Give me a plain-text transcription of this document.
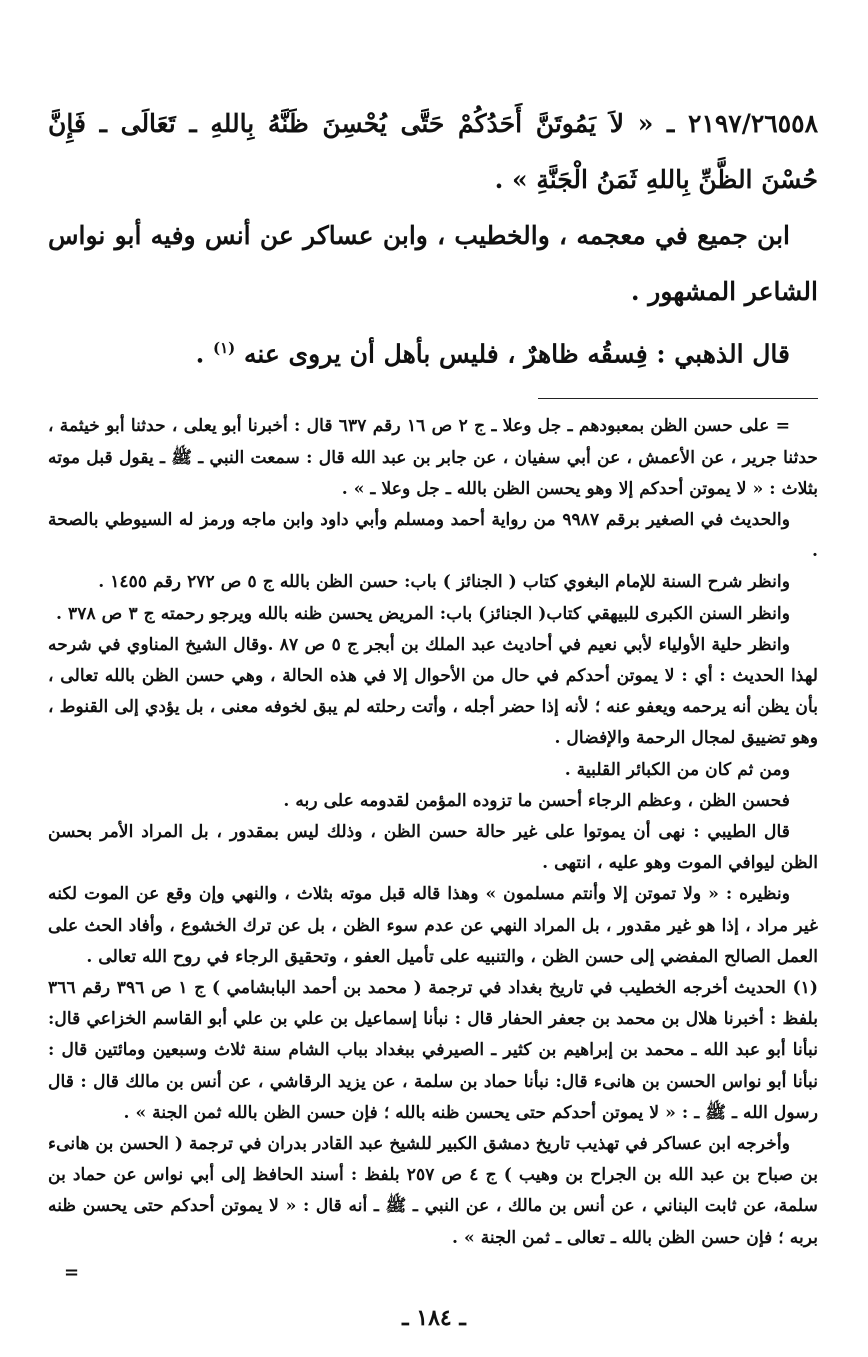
٢١٩٧/٢٦٥٥٨ ـ « لاَ يَمُوتَنَّ أَحَدُكُمْ حَتَّى يُحْسِنَ ظَنَّهُ بِاللهِ ـ تَعَالَى ـ فَإِنَّ حُسْنَ الظَّنِّ بِاللهِ ثَمَنُ الْجَنَّةِ » .

ابن جميع في معجمه ، والخطيب ، وابن عساكر عن أنس وفيه أبو نواس الشاعر المشهور .

قال الذهبي : فِسقُه ظاهرٌ ، فليس بأهل أن يروى عنه $^{(١)}$ .

= على حسن الظن بمعبودهم ـ جل وعلا ـ ج ٢ ص ١٦ رقم ٦٣٧ قال : أخبرنا أبو يعلى ، حدثنا أبو خيثمة ، حدثنا جرير ، عن الأعمش ، عن أبي سفيان ، عن جابر بن عبد الله قال : سمعت النبي ـ ﷺ ـ يقول قبل موته بثلاث : « لا يموتن أحدكم إلا وهو يحسن الظن بالله ـ جل وعلا ـ » .

والحديث في الصغير برقم ٩٩٨٧ من رواية أحمد ومسلم وأبي داود وابن ماجه ورمز له السيوطي بالصحة .

وانظر شرح السنة للإمام البغوي كتاب ( الجنائز ) باب: حسن الظن بالله ج ٥ ص ٢٧٢ رقم ١٤٥٥ .

وانظر السنن الكبرى للبيهقي كتاب( الجنائز) باب: المريض يحسن ظنه بالله ويرجو رحمته ج ٣ ص ٣٧٨ .

وانظر حلية الأولياء لأبي نعيم في أحاديث عبد الملك بن أبجر ج ٥ ص ٨٧ .وقال الشيخ المناوي في شرحه لهذا الحديث : أي : لا يموتن أحدكم في حال من الأحوال إلا في هذه الحالة ، وهي حسن الظن بالله تعالى ، بأن يظن أنه يرحمه ويعفو عنه ؛ لأنه إذا حضر أجله ، وأتت رحلته لم يبق لخوفه معنى ، بل يؤدي إلى القنوط ، وهو تضييق لمجال الرحمة والإفضال .

ومن ثم كان من الكبائر القلبية .

فحسن الظن ، وعظم الرجاء أحسن ما تزوده المؤمن لقدومه على ربه .

قال الطيبي : نهى أن يموتوا على غير حالة حسن الظن ، وذلك ليس بمقدور ، بل المراد الأمر بحسن الظن ليوافي الموت وهو عليه ، انتهى .

ونظيره : « ولا تموتن إلا وأنتم مسلمون » وهذا قاله قبل موته بثلاث ، والنهي وإن وقع عن الموت لكنه غير مراد ، إذا هو غير مقدور ، بل المراد النهي عن عدم سوء الظن ، بل عن ترك الخشوع ، وأفاد الحث على العمل الصالح المفضي إلى حسن الظن ، والتنبيه على تأميل العفو ، وتحقيق الرجاء في روح الله تعالى .

(١) الحديث أخرجه الخطيب في تاريخ بغداد في ترجمة ( محمد بن أحمد البابشامي ) ج ١ ص ٣٩٦ رقم ٣٦٦ بلفظ : أخبرنا هلال بن محمد بن جعفر الحفار قال : نبأنا إسماعيل بن علي بن علي أبو القاسم الخزاعي قال: نبأنا أبو عبد الله ـ محمد بن إبراهيم بن كثير ـ الصيرفي ببغداد بباب الشام سنة ثلاث وسبعين ومائتين قال : نبأنا أبو نواس الحسن بن هانىء قال: نبأنا حماد بن سلمة ، عن يزيد الرقاشي ، عن أنس بن مالك قال : قال رسول الله ـ ﷺ ـ : « لا يموتن أحدكم حتى يحسن ظنه بالله ؛ فإن حسن الظن بالله ثمن الجنة » .

وأخرجه ابن عساكر في تهذيب تاريخ دمشق الكبير للشيخ عبد القادر بدران في ترجمة ( الحسن بن هانىء بن صباح بن عبد الله بن الجراح بن وهيب ) ج ٤ ص ٢٥٧ بلفظ : أسند الحافظ إلى أبي نواس عن حماد بن سلمة، عن ثابت البناني ، عن أنس بن مالك ، عن النبي ـ ﷺ ـ أنه قال : « لا يموتن أحدكم حتى يحسن ظنه بربه ؛ فإن حسن الظن بالله ـ تعالى ـ ثمن الجنة » .

=
ـ ١٨٤ ـ
